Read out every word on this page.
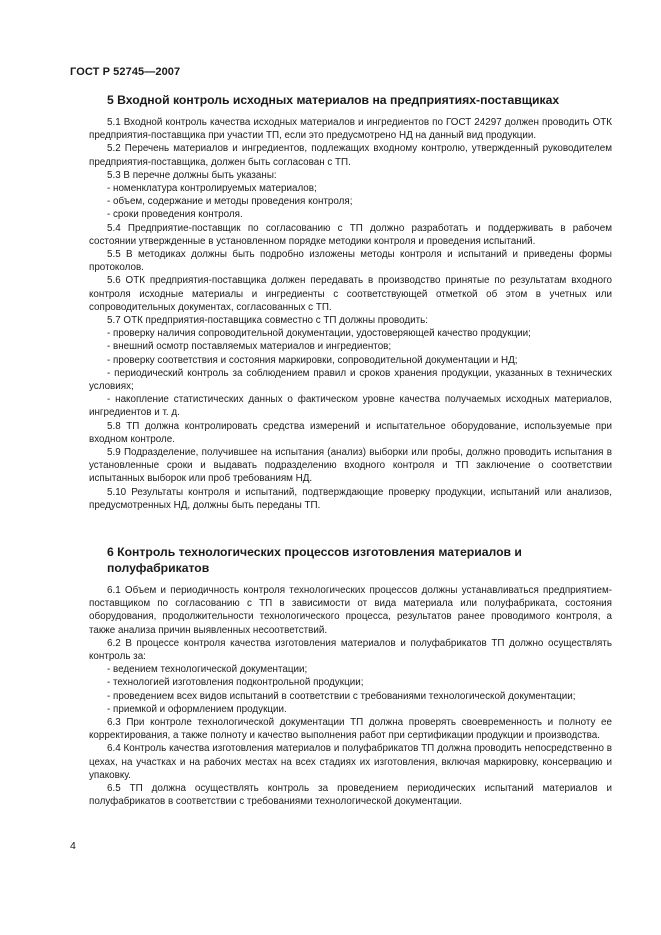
ГОСТ Р 52745—2007
5 Входной контроль исходных материалов на предприятиях-поставщиках

5.1 Входной контроль качества исходных материалов и ингредиентов по ГОСТ 24297 должен проводить ОТК предприятия-поставщика при участии ТП, если это предусмотрено НД на данный вид продукции.

5.2 Перечень материалов и ингредиентов, подлежащих входному контролю, утвержденный руководителем предприятия-поставщика, должен быть согласован с ТП.

5.3 В перечне должны быть указаны:

- номенклатура контролируемых материалов;

- объем, содержание и методы проведения контроля;

- сроки проведения контроля.

5.4 Предприятие-поставщик по согласованию с ТП должно разработать и поддерживать в рабочем состоянии утвержденные в установленном порядке методики контроля и проведения испытаний.

5.5 В методиках должны быть подробно изложены методы контроля и испытаний и приведены формы протоколов.

5.6 ОТК предприятия-поставщика должен передавать в производство принятые по результатам входного контроля исходные материалы и ингредиенты с соответствующей отметкой об этом в учетных или сопроводительных документах, согласованных с ТП.

5.7 ОТК предприятия-поставщика совместно с ТП должны проводить:

- проверку наличия сопроводительной документации, удостоверяющей качество продукции;

- внешний осмотр поставляемых материалов и ингредиентов;

- проверку соответствия и состояния маркировки, сопроводительной документации и НД;

- периодический контроль за соблюдением правил и сроков хранения продукции, указанных в технических условиях;

- накопление статистических данных о фактическом уровне качества получаемых исходных материалов, ингредиентов и т. д.

5.8 ТП должна контролировать средства измерений и испытательное оборудование, используемые при входном контроле.

5.9 Подразделение, получившее на испытания (анализ) выборки или пробы, должно проводить испытания в установленные сроки и выдавать подразделению входного контроля и ТП заключение о соответствии испытанных выборок или проб требованиям НД.

5.10 Результаты контроля и испытаний, подтверждающие проверку продукции, испытаний или анализов, предусмотренных НД, должны быть переданы ТП.

6 Контроль технологических процессов изготовления материалов и
полуфабрикатов

6.1 Объем и периодичность контроля технологических процессов должны устанавливаться предприятием-поставщиком по согласованию с ТП в зависимости от вида материала или полуфабриката, состояния оборудования, продолжительности технологического процесса, результатов ранее проводимого контроля, а также анализа причин выявленных несоответствий.

6.2 В процессе контроля качества изготовления материалов и полуфабрикатов ТП должно осуществлять контроль за:

- ведением технологической документации;

- технологией изготовления подконтрольной продукции;

- проведением всех видов испытаний в соответствии с требованиями технологической документации;

- приемкой и оформлением продукции.

6.3 При контроле технологической документации ТП должна проверять своевременность и полноту ее корректирования, а также полноту и качество выполнения работ при сертификации продукции и производства.

6.4 Контроль качества изготовления материалов и полуфабрикатов ТП должна проводить непосредственно в цехах, на участках и на рабочих местах на всех стадиях их изготовления, включая маркировку, консервацию и упаковку.

6.5 ТП должна осуществлять контроль за проведением периодических испытаний материалов и полуфабрикатов в соответствии с требованиями технологической документации.

4
